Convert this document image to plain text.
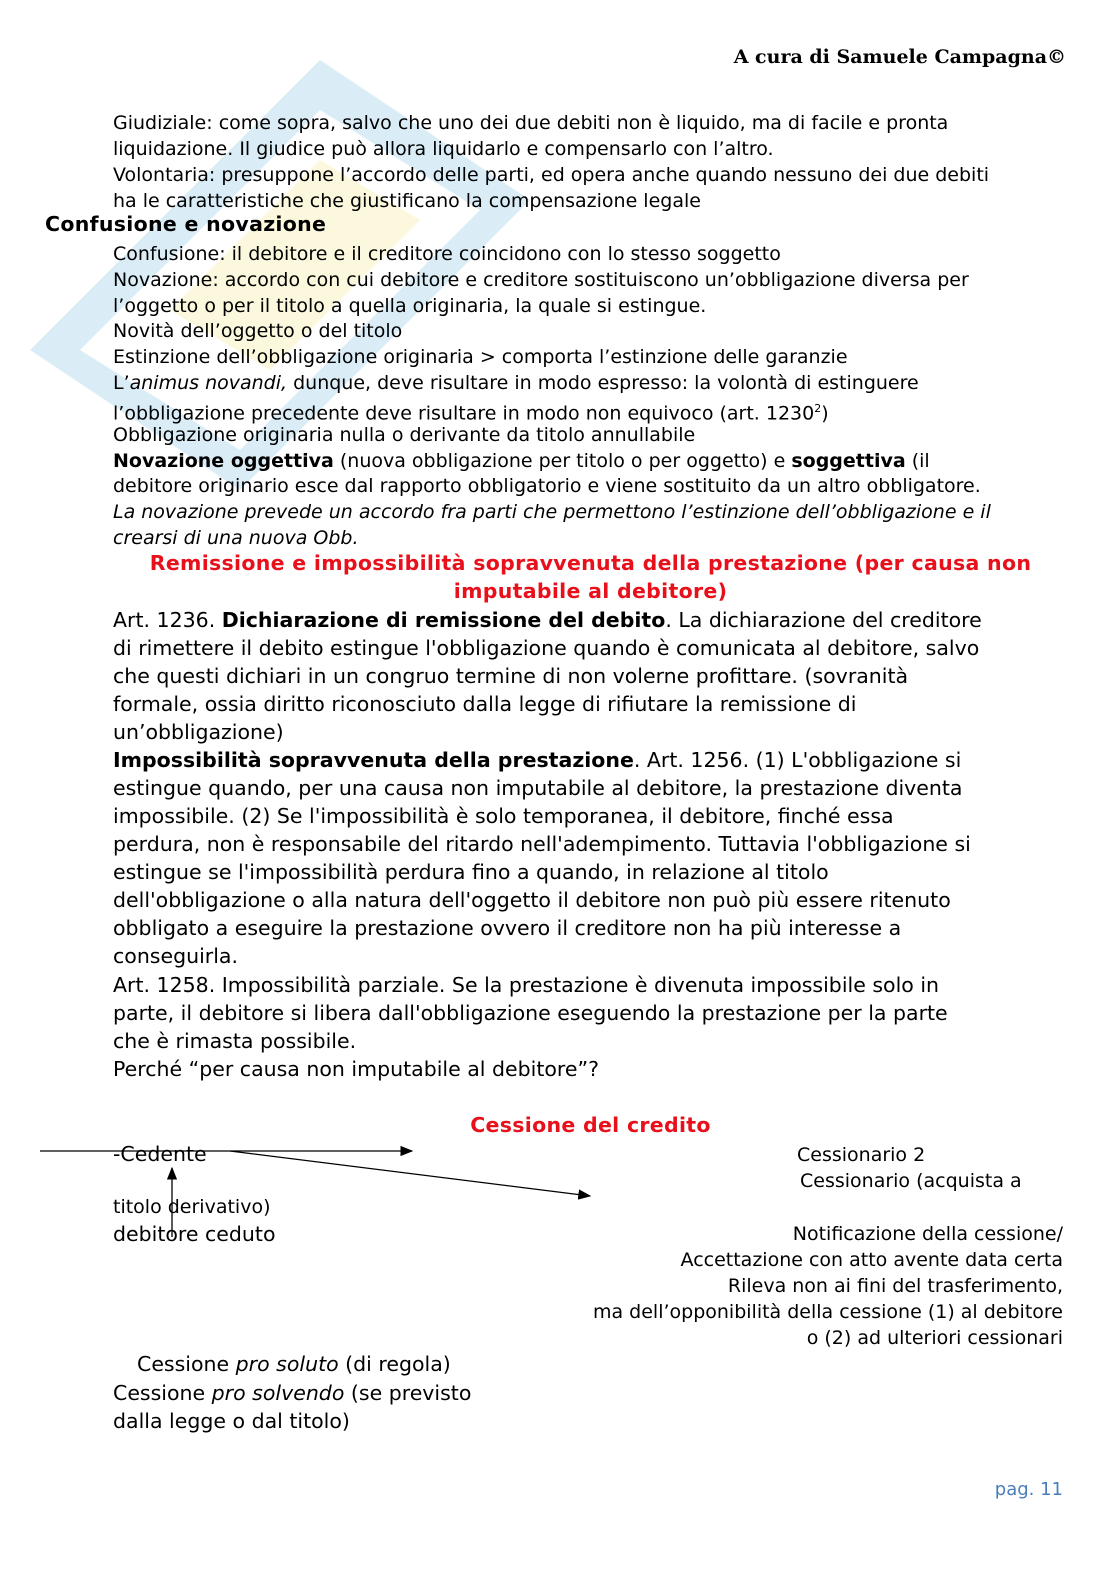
A cura di Samuele Campagna©

Giudiziale: come sopra, salvo che uno dei due debiti non è liquido, ma di facile e pronta

liquidazione. Il giudice può allora liquidarlo e compensarlo con l’altro.

Volontaria: presuppone l’accordo delle parti, ed opera anche quando nessuno dei due debiti

ha le caratteristiche che giustificano la compensazione legale

Confusione e novazione

Confusione: il debitore e il creditore coincidono con lo stesso soggetto

Novazione: accordo con cui debitore e creditore sostituiscono un’obbligazione diversa per

l’oggetto o per il titolo a quella originaria, la quale si estingue.

Novità dell’oggetto o del titolo

Estinzione dell’obbligazione originaria > comporta l’estinzione delle garanzie

L’animus novandi, dunque, deve risultare in modo espresso: la volontà di estinguere

l’obbligazione precedente deve risultare in modo non equivoco (art. 1230$^2$)

Obbligazione originaria nulla o derivante da titolo annullabile

Novazione oggettiva (nuova obbligazione per titolo o per oggetto) e soggettiva (il

debitore originario esce dal rapporto obbligatorio e viene sostituito da un altro obbligatore.

La novazione prevede un accordo fra parti che permettono l’estinzione dell’obbligazione e il

crearsi di una nuova Obb.

Remissione e impossibilità sopravvenuta della prestazione (per causa non

imputabile al debitore)

Art. 1236. Dichiarazione di remissione del debito. La dichiarazione del creditore

di rimettere il debito estingue l'obbligazione quando è comunicata al debitore, salvo

che questi dichiari in un congruo termine di non volerne profittare. (sovranità

formale, ossia diritto riconosciuto dalla legge di rifiutare la remissione di

un’obbligazione)

Impossibilità sopravvenuta della prestazione. Art. 1256. (1) L'obbligazione si

estingue quando, per una causa non imputabile al debitore, la prestazione diventa

impossibile. (2) Se l'impossibilità è solo temporanea, il debitore, finché essa

perdura, non è responsabile del ritardo nell'adempimento. Tuttavia l'obbligazione si

estingue se l'impossibilità perdura fino a quando, in relazione al titolo

dell'obbligazione o alla natura dell'oggetto il debitore non può più essere ritenuto

obbligato a eseguire la prestazione ovvero il creditore non ha più interesse a

conseguirla.

Art. 1258. Impossibilità parziale. Se la prestazione è divenuta impossibile solo in

parte, il debitore si libera dall'obbligazione eseguendo la prestazione per la parte

che è rimasta possibile.

Perché “per causa non imputabile al debitore”?

Cessione del credito

-Cedente	Cessionario 2

Cessionario (acquista a

titolo derivativo)

debitore ceduto	Notificazione della cessione/

Accettazione con atto avente data certa

Rileva non ai fini del trasferimento,

ma dell’opponibilità della cessione (1) al debitore

o (2) ad ulteriori cessionari

Cessione pro soluto (di regola)

Cessione pro solvendo (se previsto

dalla legge o dal titolo)

pag. 11
